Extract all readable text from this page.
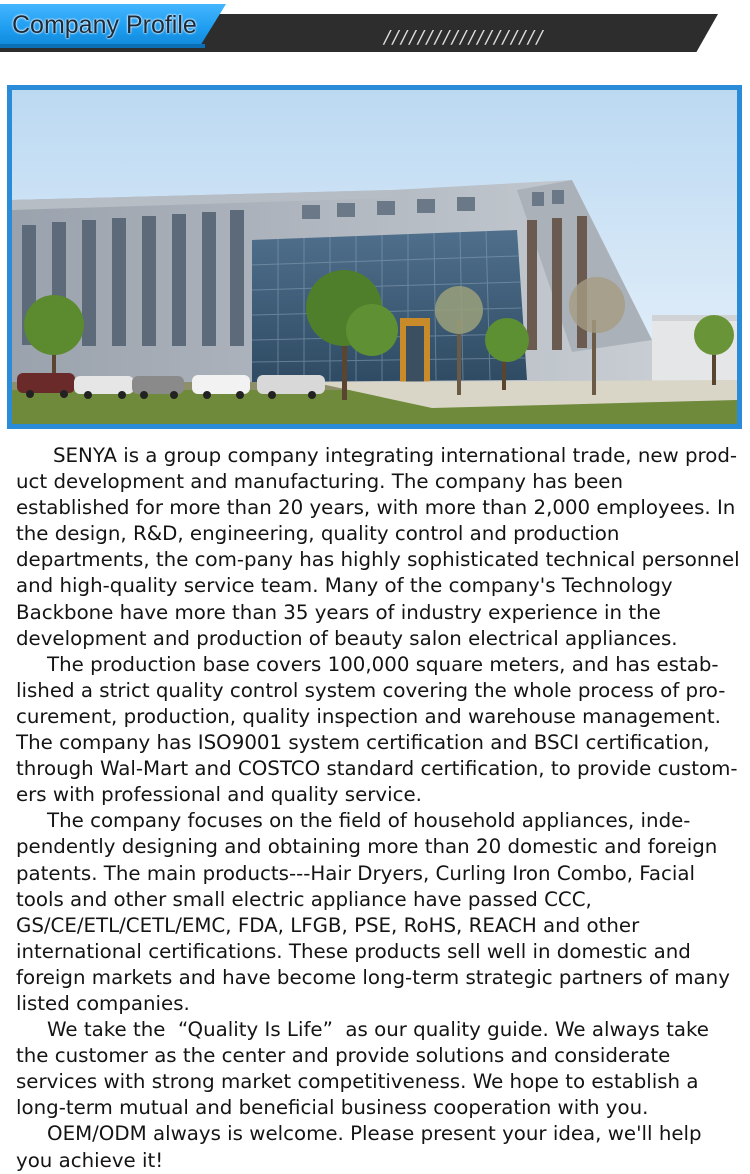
Company Profile	///////////////////

SENYA is a group company integrating international trade, new prod-uct development and manufacturing. The company has been established for more than 20 years, with more than 2,000 employees. In the design, R&D, engineering, quality control and production departments, the com-pany has highly sophisticated technical personnel and high-quality service team. Many of the company's Technology Backbone have more than 35 years of industry experience in the development and production of beauty salon electrical appliances.

The production base covers 100,000 square meters, and has estab-lished a strict quality control system covering the whole process of pro-curement, production, quality inspection and warehouse management. The company has ISO9001 system certification and BSCI certification, through Wal-Mart and COSTCO standard certification, to provide custom-ers with professional and quality service.

The company focuses on the field of household appliances, inde-pendently designing and obtaining more than 20 domestic and foreign patents. The main products---Hair Dryers, Curling Iron Combo, Facial tools and other small electric appliance have passed CCC, GS/CE/ETL/CETL/EMC, FDA, LFGB, PSE, RoHS, REACH and other international certifications. These products sell well in domestic and foreign markets and have become long-term strategic partners of many listed companies.

We take the  “Quality Is Life”  as our quality guide. We always take the customer as the center and provide solutions and considerate services with strong market competitiveness. We hope to establish a long-term mutual and beneficial business cooperation with you.

OEM/ODM always is welcome. Please present your idea, we'll help you achieve it!
